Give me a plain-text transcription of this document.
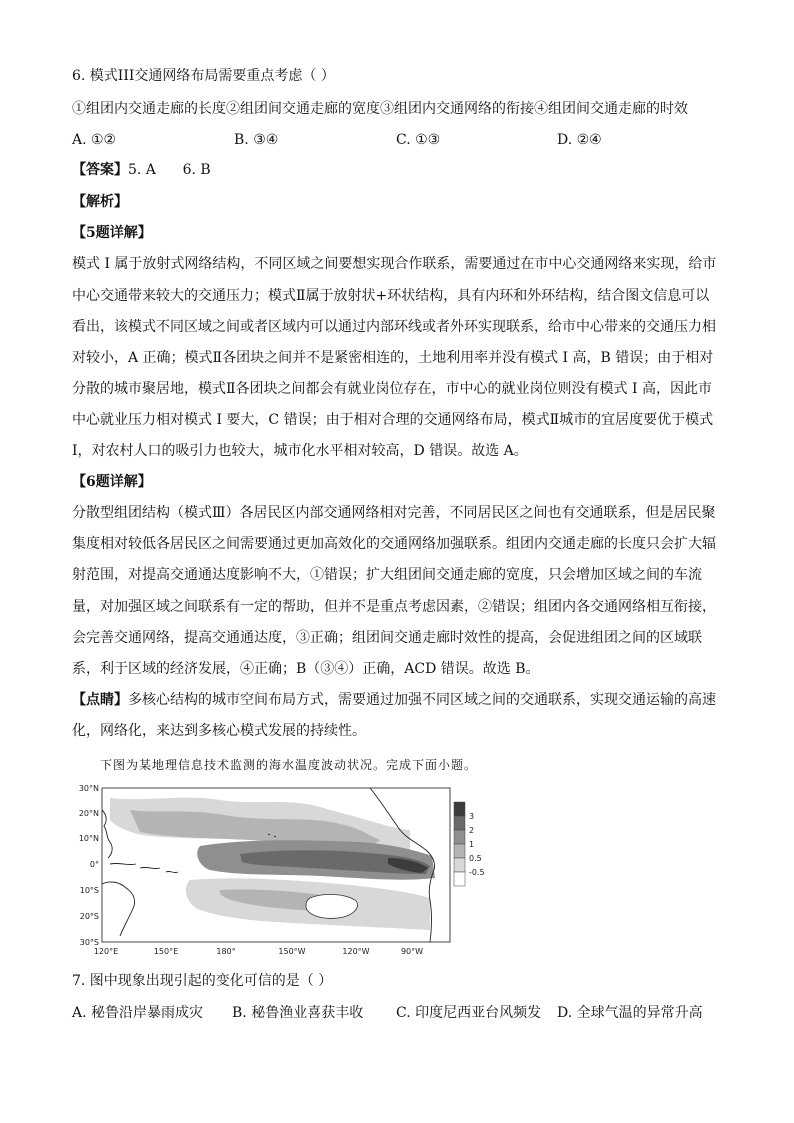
6. 模式III交通网络布局需要重点考虑（ ）
①组团内交通走廊的长度②组团间交通走廊的宽度③组团内交通网络的衔接④组团间交通走廊的时效
A. ①②	B. ③④	C. ①③	D. ②④
【答案】5. A      6. B
【解析】
【5题详解】
模式 I 属于放射式网络结构，不同区域之间要想实现合作联系，需要通过在市中心交通网络来实现，给市
中心交通带来较大的交通压力；模式Ⅱ属于放射状+环状结构，具有内环和外环结构，结合图文信息可以
看出，该模式不同区域之间或者区域内可以通过内部环线或者外环实现联系，给市中心带来的交通压力相
对较小，A 正确；模式Ⅱ各团块之间并不是紧密相连的，土地利用率并没有模式 I 高，B 错误；由于相对
分散的城市聚居地，模式Ⅱ各团块之间都会有就业岗位存在，市中心的就业岗位则没有模式 I 高，因此市
中心就业压力相对模式 I 要大，C 错误；由于相对合理的交通网络布局，模式Ⅱ城市的宜居度要优于模式
I，对农村人口的吸引力也较大，城市化水平相对较高，D 错误。故选 A。
【6题详解】
分散型组团结构（模式Ⅲ）各居民区内部交通网络相对完善，不同居民区之间也有交通联系，但是居民聚
集度相对较低各居民区之间需要通过更加高效化的交通网络加强联系。组团内交通走廊的长度只会扩大辐
射范围，对提高交通通达度影响不大，①错误；扩大组团间交通走廊的宽度，只会增加区域之间的车流
量，对加强区域之间联系有一定的帮助，但并不是重点考虑因素，②错误；组团内各交通网络相互衔接，
会完善交通网络，提高交通通达度，③正确；组团间交通走廊时效性的提高，会促进组团之间的区域联
系，利于区域的经济发展，④正确；B（③④）正确，ACD 错误。故选 B。
【点睛】多核心结构的城市空间布局方式，需要通过加强不同区域之间的交通联系，实现交通运输的高速
化，网络化，来达到多核心模式发展的持续性。
下图为某地理信息技术监测的海水温度波动状况。完成下面小题。
30°N
20°N
10°N
0°
10°S
20°S
30°S
120°E	150°E	180°	150°W	120°W	90°W
3
2
1
0.5
-0.5
7. 图中现象出现引起的变化可信的是（ ）
A. 秘鲁沿岸暴雨成灾 B. 秘鲁渔业喜获丰收 C. 印度尼西亚台风频发 D. 全球气温的异常升高
